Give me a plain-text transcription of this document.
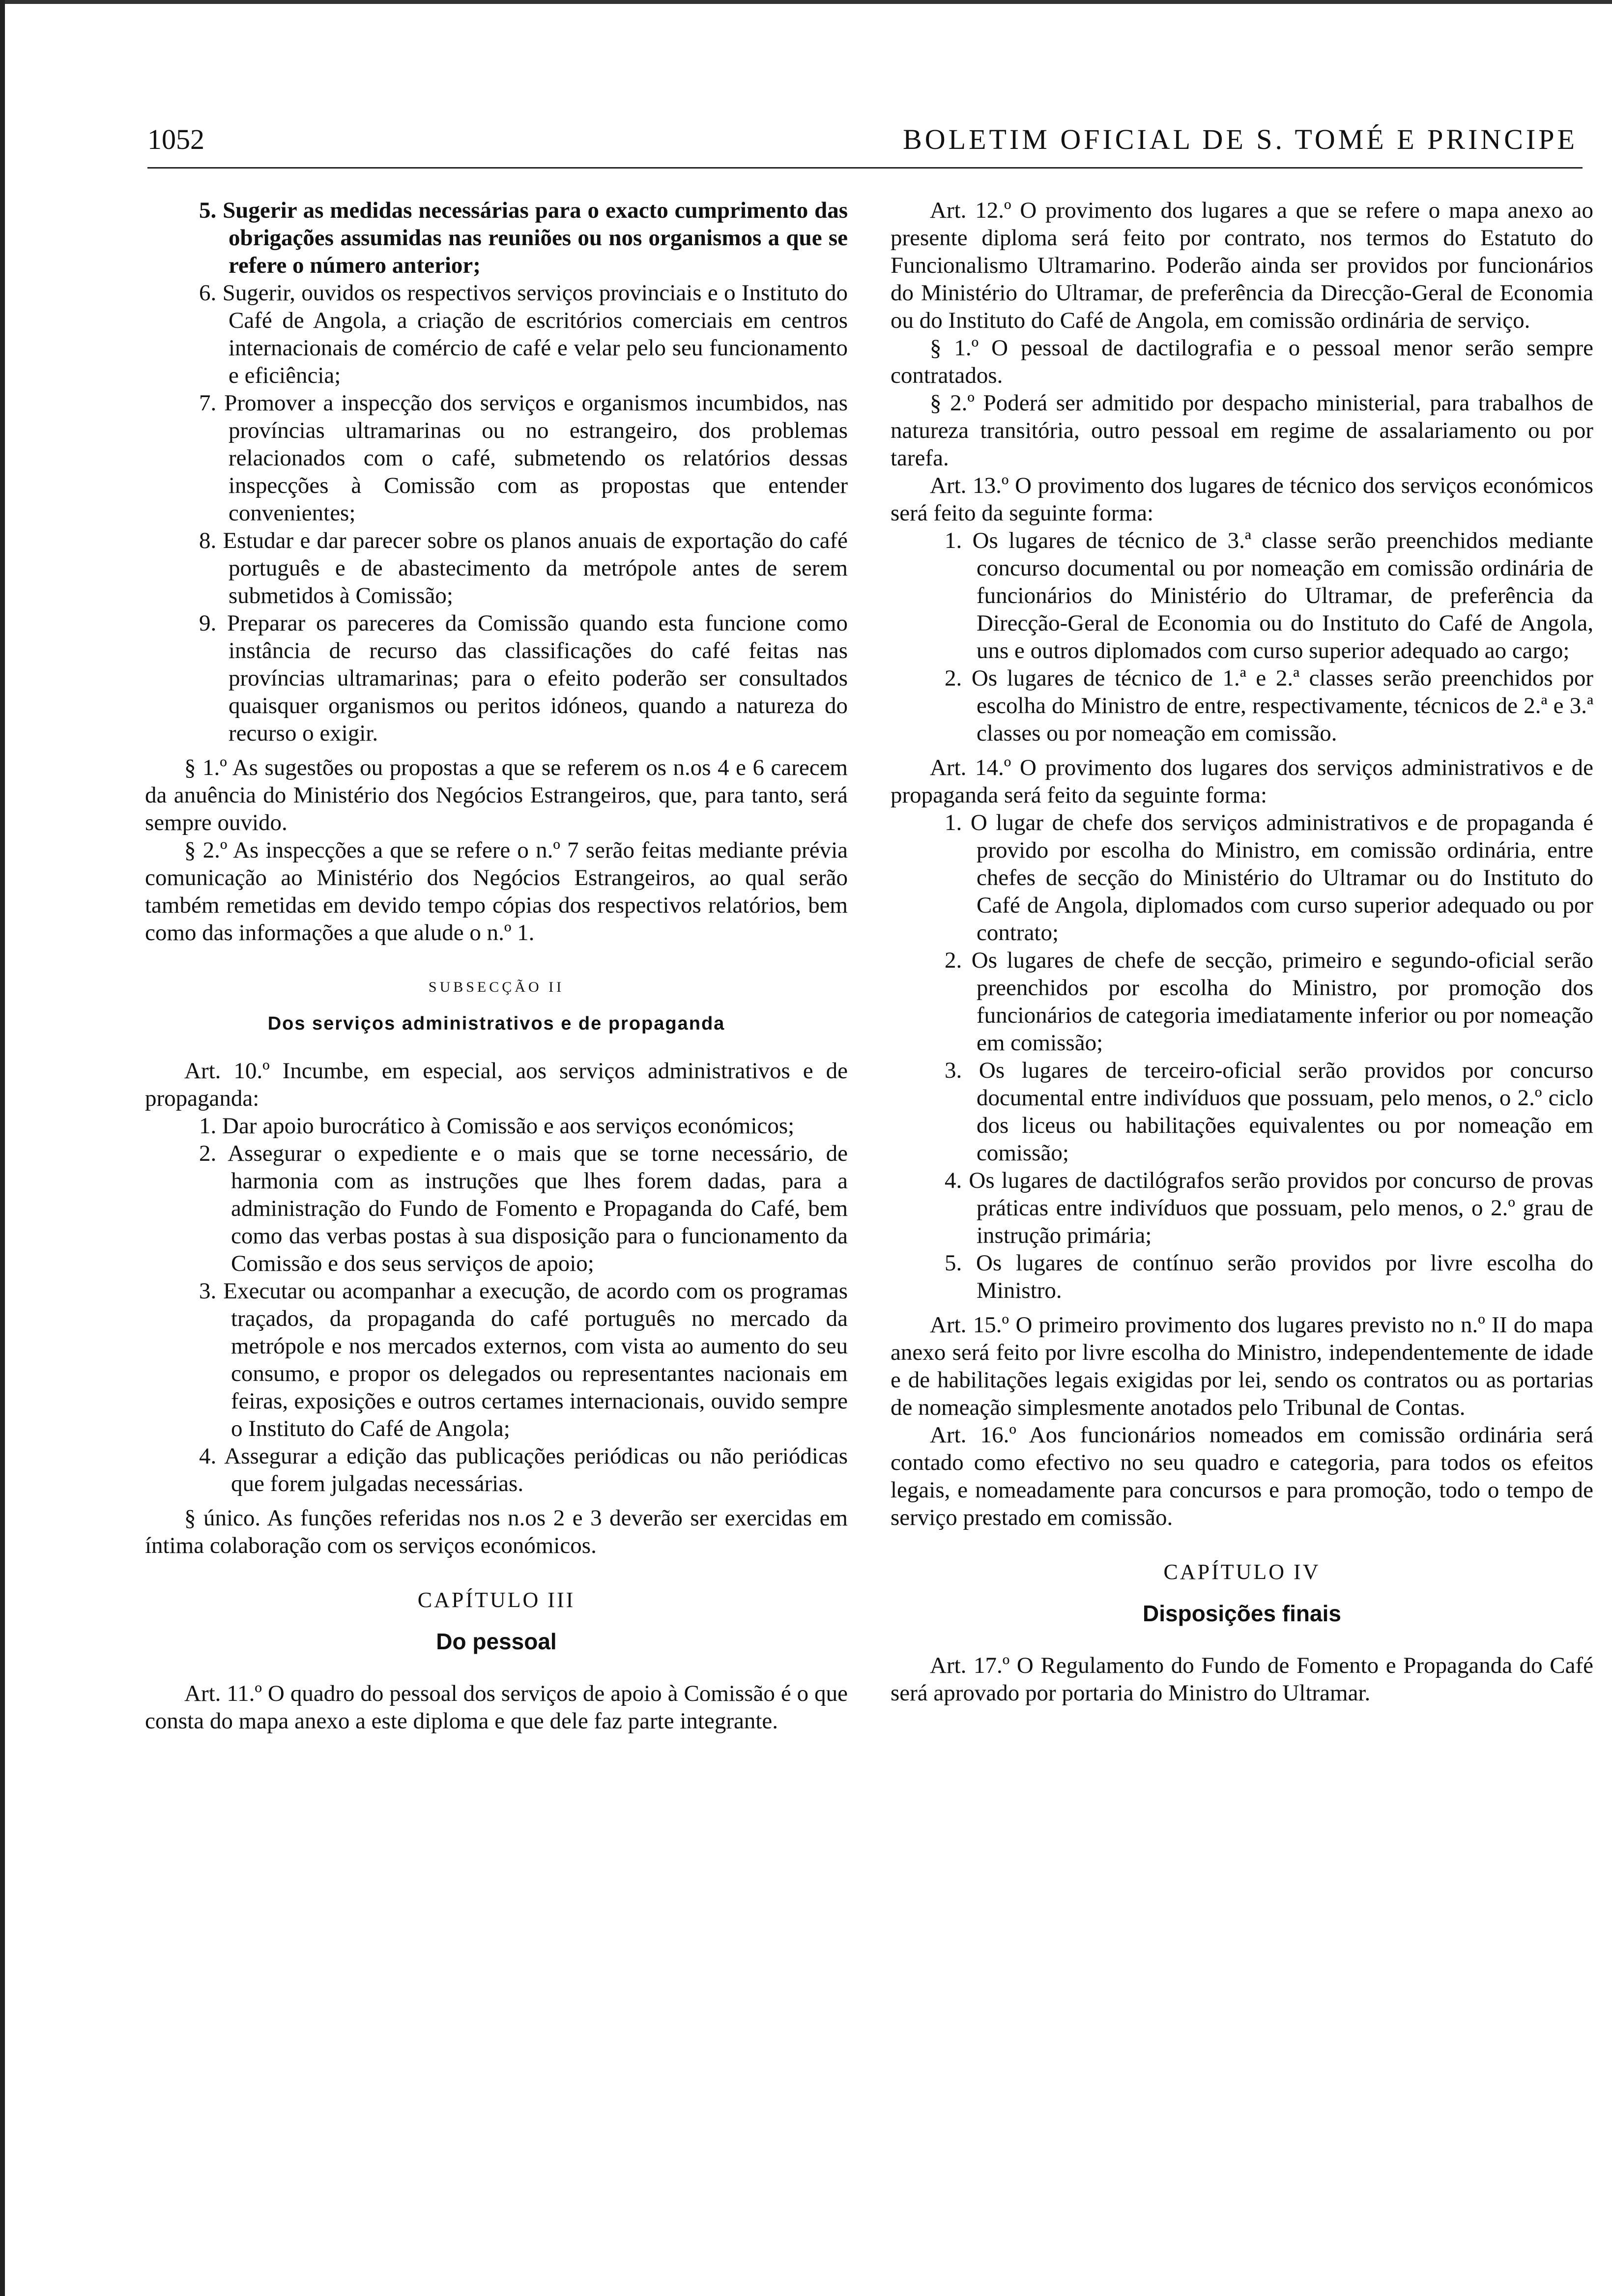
1052	BOLETIM OFICIAL DE S. TOMÉ E PRINCIPE

5. Sugerir as medidas necessárias para o exacto cumprimento das obrigações assumidas nas reuniões ou nos organismos a que se refere o número anterior;

6. Sugerir, ouvidos os respectivos serviços provinciais e o Instituto do Café de Angola, a criação de escritórios comerciais em centros internacionais de comércio de café e velar pelo seu funcionamento e eficiência;

7. Promover a inspecção dos serviços e organismos incumbidos, nas províncias ultramarinas ou no estrangeiro, dos problemas relacionados com o café, submetendo os relatórios dessas inspecções à Comissão com as propostas que entender convenientes;

8. Estudar e dar parecer sobre os planos anuais de exportação do café português e de abastecimento da metrópole antes de serem submetidos à Comissão;

9. Preparar os pareceres da Comissão quando esta funcione como instância de recurso das classificações do café feitas nas províncias ultramarinas; para o efeito poderão ser consultados quaisquer organismos ou peritos idóneos, quando a natureza do recurso o exigir.

§ 1.º As sugestões ou propostas a que se referem os n.os 4 e 6 carecem da anuência do Ministério dos Negócios Estrangeiros, que, para tanto, será sempre ouvido.

§ 2.º As inspecções a que se refere o n.º 7 serão feitas mediante prévia comunicação ao Ministério dos Negócios Estrangeiros, ao qual serão também remetidas em devido tempo cópias dos respectivos relatórios, bem como das informações a que alude o n.º 1.

SUBSECÇÃO II
Dos serviços administrativos e de propaganda

Art. 10.º Incumbe, em especial, aos serviços administrativos e de propaganda:

1. Dar apoio burocrático à Comissão e aos serviços económicos;

2. Assegurar o expediente e o mais que se torne necessário, de harmonia com as instruções que lhes forem dadas, para a administração do Fundo de Fomento e Propaganda do Café, bem como das verbas postas à sua disposição para o funcionamento da Comissão e dos seus serviços de apoio;

3. Executar ou acompanhar a execução, de acordo com os programas traçados, da propaganda do café português no mercado da metrópole e nos mercados externos, com vista ao aumento do seu consumo, e propor os delegados ou representantes nacionais em feiras, exposições e outros certames internacionais, ouvido sempre o Instituto do Café de Angola;

4. Assegurar a edição das publicações periódicas ou não periódicas que forem julgadas necessárias.

§ único. As funções referidas nos n.os 2 e 3 deverão ser exercidas em íntima colaboração com os serviços económicos.

CAPÍTULO III
Do pessoal

Art. 11.º O quadro do pessoal dos serviços de apoio à Comissão é o que consta do mapa anexo a este diploma e que dele faz parte integrante.

Art. 12.º O provimento dos lugares a que se refere o mapa anexo ao presente diploma será feito por contrato, nos termos do Estatuto do Funcionalismo Ultramarino. Poderão ainda ser providos por funcionários do Ministério do Ultramar, de preferência da Direcção-Geral de Economia ou do Instituto do Café de Angola, em comissão ordinária de serviço.

§ 1.º O pessoal de dactilografia e o pessoal menor serão sempre contratados.

§ 2.º Poderá ser admitido por despacho ministerial, para trabalhos de natureza transitória, outro pessoal em regime de assalariamento ou por tarefa.

Art. 13.º O provimento dos lugares de técnico dos serviços económicos será feito da seguinte forma:

1. Os lugares de técnico de 3.ª classe serão preenchidos mediante concurso documental ou por nomeação em comissão ordinária de funcionários do Ministério do Ultramar, de preferência da Direcção-Geral de Economia ou do Instituto do Café de Angola, uns e outros diplomados com curso superior adequado ao cargo;

2. Os lugares de técnico de 1.ª e 2.ª classes serão preenchidos por escolha do Ministro de entre, respectivamente, técnicos de 2.ª e 3.ª classes ou por nomeação em comissão.

Art. 14.º O provimento dos lugares dos serviços administrativos e de propaganda será feito da seguinte forma:

1. O lugar de chefe dos serviços administrativos e de propaganda é provido por escolha do Ministro, em comissão ordinária, entre chefes de secção do Ministério do Ultramar ou do Instituto do Café de Angola, diplomados com curso superior adequado ou por contrato;

2. Os lugares de chefe de secção, primeiro e segundo-oficial serão preenchidos por escolha do Ministro, por promoção dos funcionários de categoria imediatamente inferior ou por nomeação em comissão;

3. Os lugares de terceiro-oficial serão providos por concurso documental entre indivíduos que possuam, pelo menos, o 2.º ciclo dos liceus ou habilitações equivalentes ou por nomeação em comissão;

4. Os lugares de dactilógrafos serão providos por concurso de provas práticas entre indivíduos que possuam, pelo menos, o 2.º grau de instrução primária;

5. Os lugares de contínuo serão providos por livre escolha do Ministro.

Art. 15.º O primeiro provimento dos lugares previsto no n.º II do mapa anexo será feito por livre escolha do Ministro, independentemente de idade e de habilitações legais exigidas por lei, sendo os contratos ou as portarias de nomeação simplesmente anotados pelo Tribunal de Contas.

Art. 16.º Aos funcionários nomeados em comissão ordinária será contado como efectivo no seu quadro e categoria, para todos os efeitos legais, e nomeadamente para concursos e para promoção, todo o tempo de serviço prestado em comissão.

CAPÍTULO IV
Disposições finais

Art. 17.º O Regulamento do Fundo de Fomento e Propaganda do Café será aprovado por portaria do Ministro do Ultramar.
